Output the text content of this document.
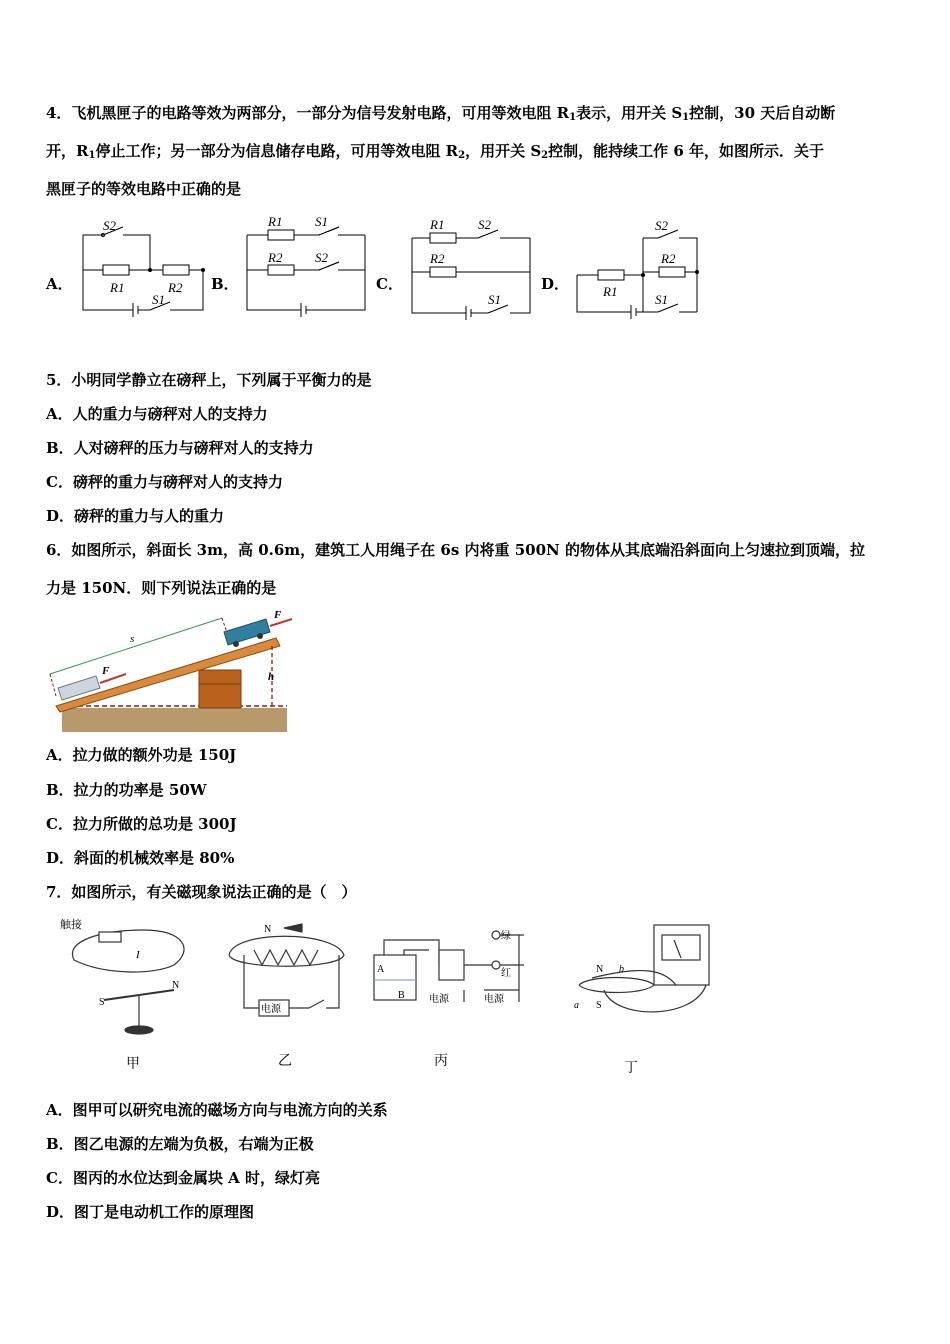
4．飞机黑匣子的电路等效为两部分，一部分为信号发射电路，可用等效电阻 $R_1$表示，用开关 $S_1$控制，30 天后自动断
开，$R_1$停止工作；另一部分为信息储存电路，可用等效电阻 $R_2$，用开关 $S_2$控制，能持续工作 6 年，如图所示．关于
黑匣子的等效电路中正确的是
A．	B．	C．	D．
S2
R1	R2
S1
R1	S1
R2	S2
R1	S2
R2
S1
S2
R2
R1
S1
5．小明同学静立在磅秤上，下列属于平衡力的是
A．人的重力与磅秤对人的支持力
B．人对磅秤的压力与磅秤对人的支持力
C．磅秤的重力与磅秤对人的支持力
D．磅秤的重力与人的重力
6．如图所示，斜面长 3m，高 0.6m，建筑工人用绳子在 6s 内将重 500N 的物体从其底端沿斜面向上匀速拉到顶端，拉
力是 150N．则下列说法正确的是
h
s
F
F
A．拉力做的额外功是 150J
B．拉力的功率是 50W
C．拉力所做的总功是 300J
D．斜面的机械效率是 80%
7．如图所示，有关磁现象说法正确的是（　）
触接
I
S
N
N
电源
A
B
绿
红
电源	电源
N b
a S
甲	乙	丙	丁
A．图甲可以研究电流的磁场方向与电流方向的关系
B．图乙电源的左端为负极，右端为正极
C．图丙的水位达到金属块 A 时，绿灯亮
D．图丁是电动机工作的原理图
